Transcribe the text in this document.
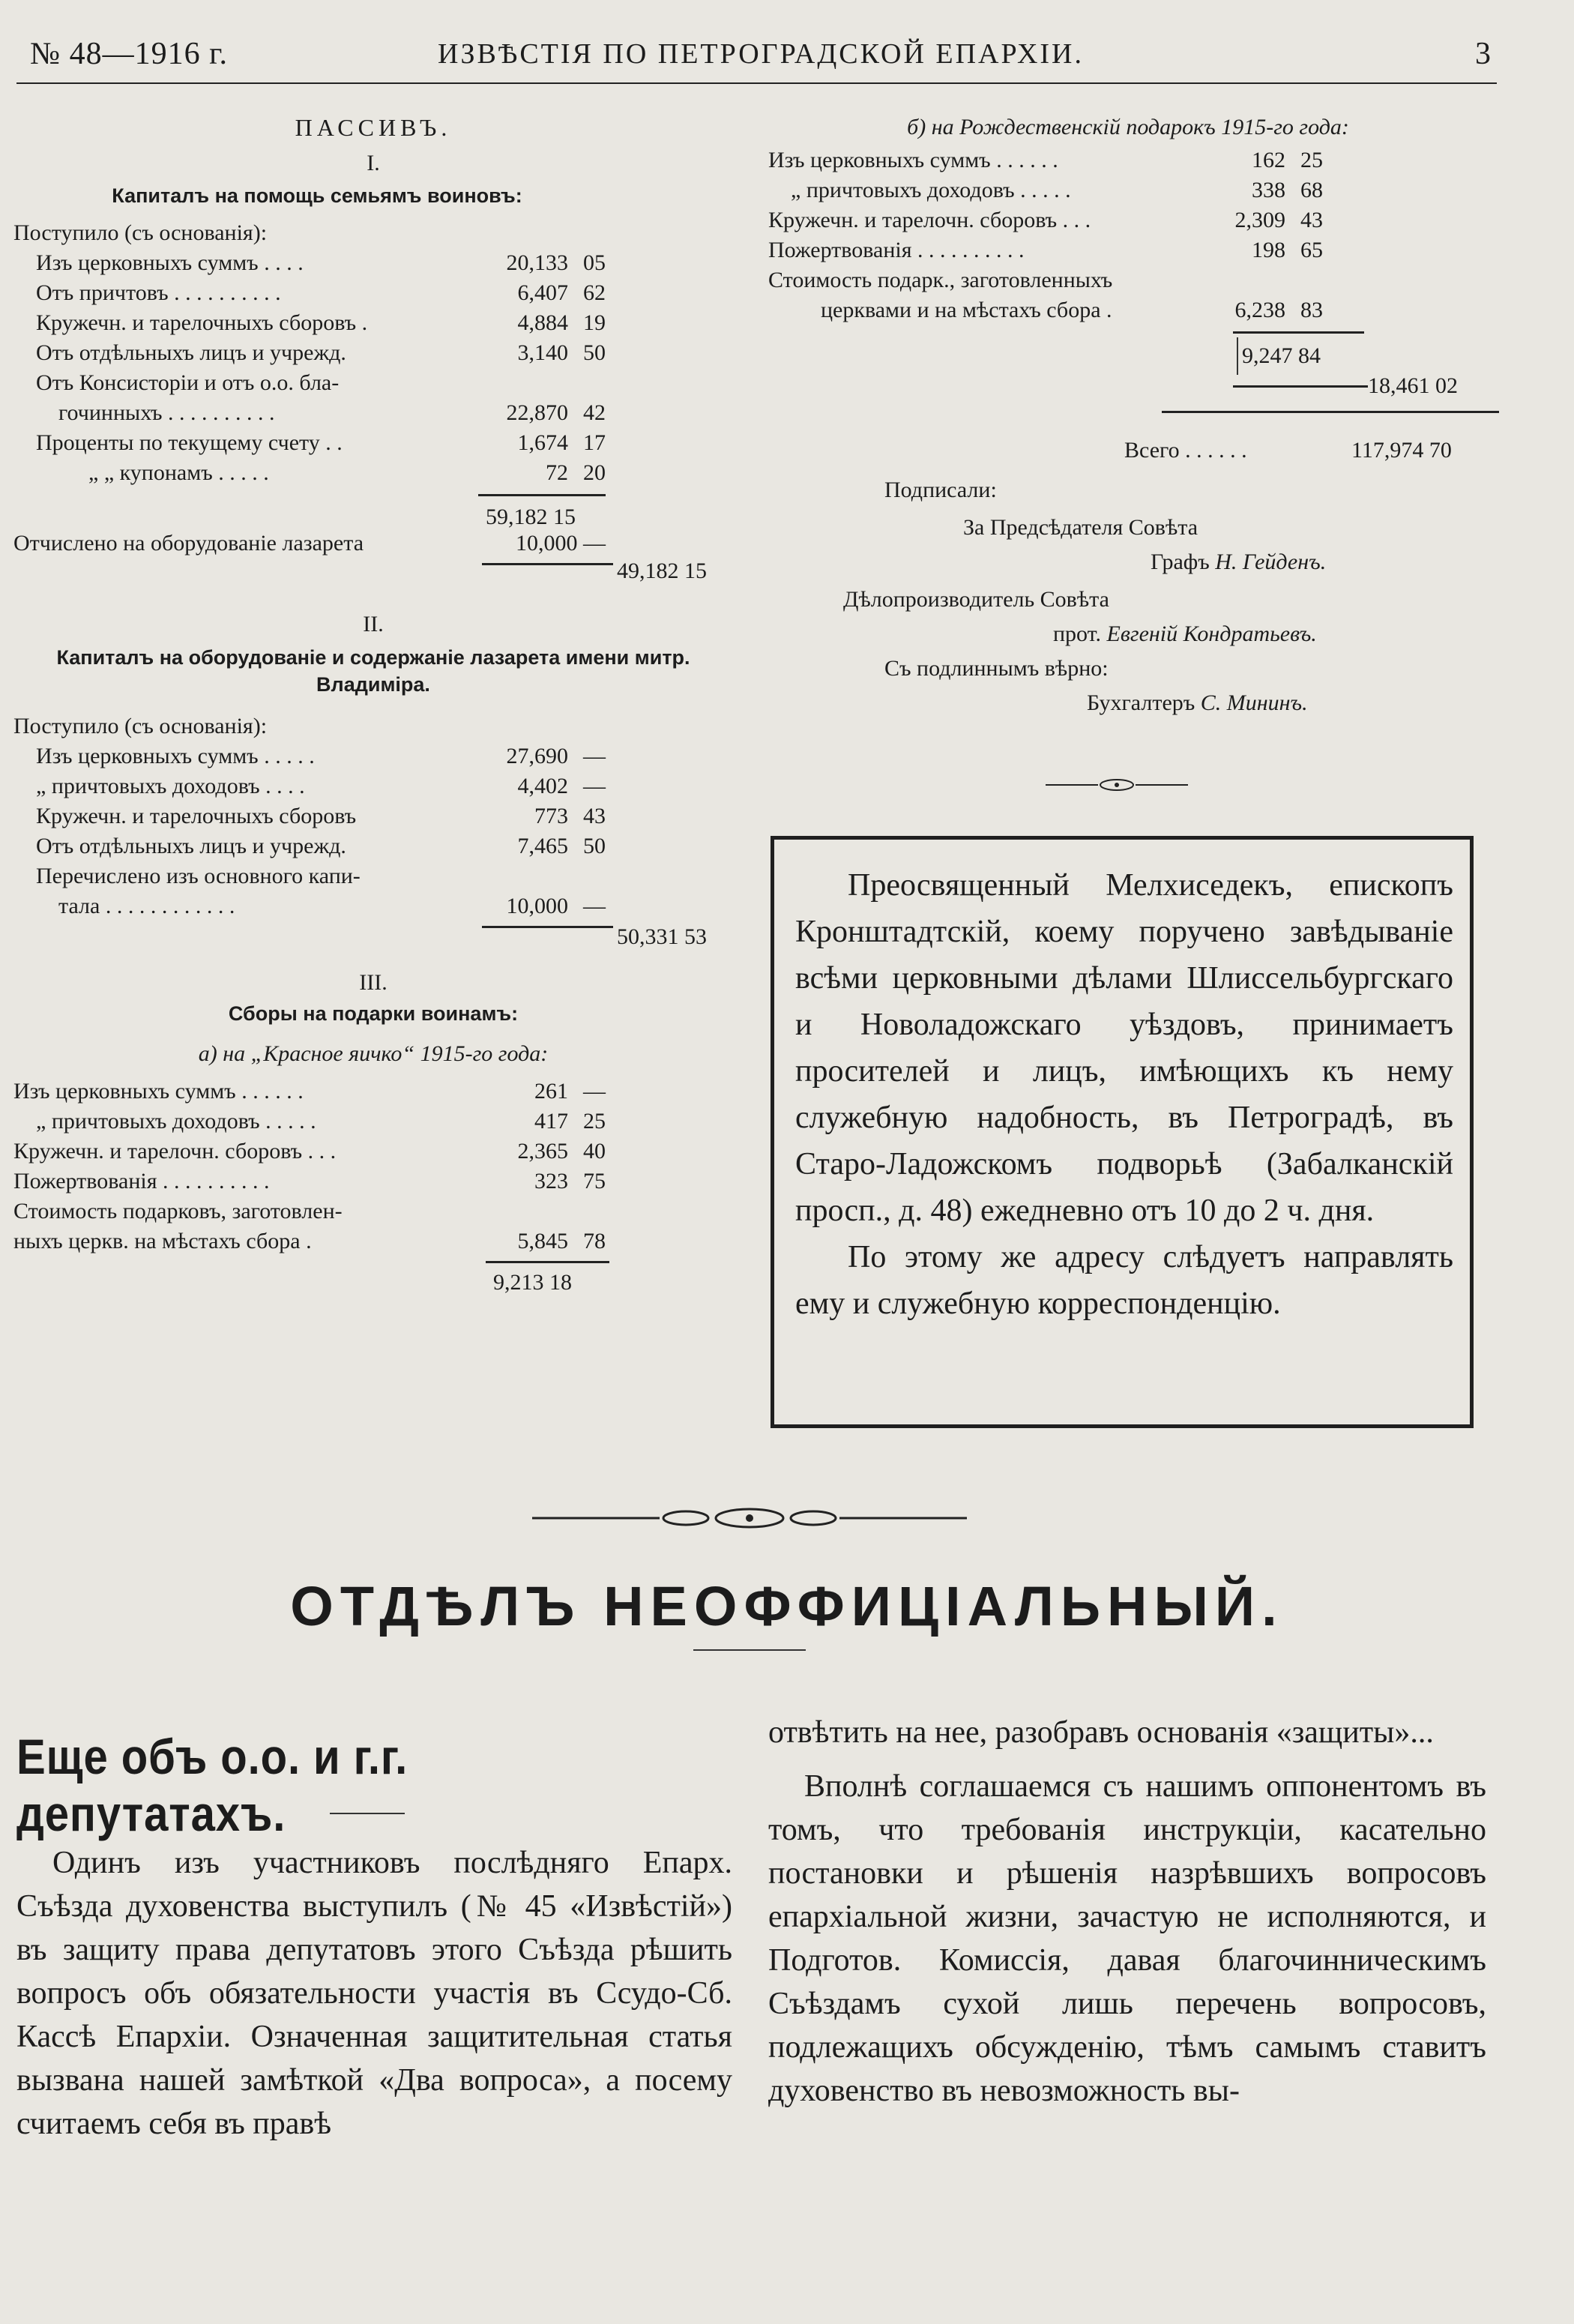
№ 48—1916 г.	ИЗВѢСТІЯ ПО ПЕТРОГРАДСКОЙ ЕПАРХІИ.	3
ПАССИВЪ.
I.
Капиталъ на помощь семьямъ воиновъ:
Поступило (съ основанія):
Изъ церковныхъ суммъ . . . .	20,133 05
Отъ причтовъ . . . . . . . . . .	6,407 62
Кружечн. и тарелочныхъ сборовъ .	4,884 19
Отъ отдѣльныхъ лицъ и учрежд.	3,140 50
Отъ Консисторіи и отъ о.о. бла-
гочинныхъ . . . . . . . . . .	22,870 42
Проценты по текущему счету . .	1,674 17
„ „ купонамъ . . . . .	72 20
59,182 15
Отчислено на оборудованіе лазарета	10,000 —
49,182 15
II.
Капиталъ на оборудованіе и содержаніе лазарета имени митр. Владиміра.
Поступило (съ основанія):
Изъ церковныхъ суммъ . . . . .	27,690 —
„ причтовыхъ доходовъ . . . .	4,402 —
Кружечн. и тарелочныхъ сборовъ	773 43
Отъ отдѣльныхъ лицъ и учрежд.	7,465 50
Перечислено изъ основного капи-
тала . . . . . . . . . . . .	10,000 —
50,331 53
III.
Сборы на подарки воинамъ:
а) на „Красное яичко“ 1915-го года:
Изъ церковныхъ суммъ . . . . . .	261 —
„ причтовыхъ доходовъ . . . . .	417 25
Кружечн. и тарелочн. сборовъ . . .	2,365 40
Пожертвованія . . . . . . . . . .	323 75
Стоимость подарковъ, заготовлен-
ныхъ церкв. на мѣстахъ сбора .	5,845 78
9,213 18
б) на Рождественскій подарокъ 1915-го года:
Изъ церковныхъ суммъ . . . . . .	162 25
„ причтовыхъ доходовъ . . . . .	338 68
Кружечн. и тарелочн. сборовъ . . .	2,309 43
Пожертвованія . . . . . . . . . .	198 65
Стоимость подарк., заготовленныхъ
церквами и на мѣстахъ сбора .	6,238 83
9,247 84
18,461 02
Всего . . . . . .	117,974 70
Подписали:
За Предсѣдателя Совѣта
Графъ Н. Гейденъ.
Дѣлопроизводитель Совѣта
прот. Евгеній Кондратьевъ.
Съ подлиннымъ вѣрно:
Бухгалтеръ С. Мининъ.

Преосвященный Мелхиседекъ, епископъ Кронштадтскій, коему поручено завѣдываніе всѣми церковными дѣлами Шлиссельбургскаго и Новоладожскаго уѣздовъ, принимаетъ просителей и лицъ, имѣющихъ къ нему служебную надобность, въ Петроградѣ, въ Старо-Ладожскомъ подворьѣ (Забалканскій просп., д. 48) ежедневно отъ 10 до 2 ч. дня.

По этому же адресу слѣдуетъ направлять ему и служебную корреспонденцію.

ОТДѢЛЪ НЕОФФИЦІАЛЬНЫЙ.
Еще объ о.о. и г.г. депутатахъ.

Одинъ изъ участниковъ послѣдняго Епарх. Съѣзда духовенства выступилъ (№ 45 «Извѣстій») въ защиту права депутатовъ этого Съѣзда рѣшить вопросъ объ обязательности участія въ Ссудо-Сб. Кассѣ Епархіи. Означенная защитительная статья вызвана нашей замѣткой «Два вопроса», а посему считаемъ себя въ правѣ

отвѣтить на нее, разобравъ основанія «защиты»...

Вполнѣ соглашаемся съ нашимъ оппонентомъ въ томъ, что требованія инструкціи, касательно постановки и рѣшенія назрѣвшихъ вопросовъ епархіальной жизни, зачастую не исполняются, и Подготов. Комиссія, давая благочинническимъ Съѣздамъ сухой лишь перечень вопросовъ, подлежащихъ обсужденію, тѣмъ самымъ ставитъ духовенство въ невозможность вы-
